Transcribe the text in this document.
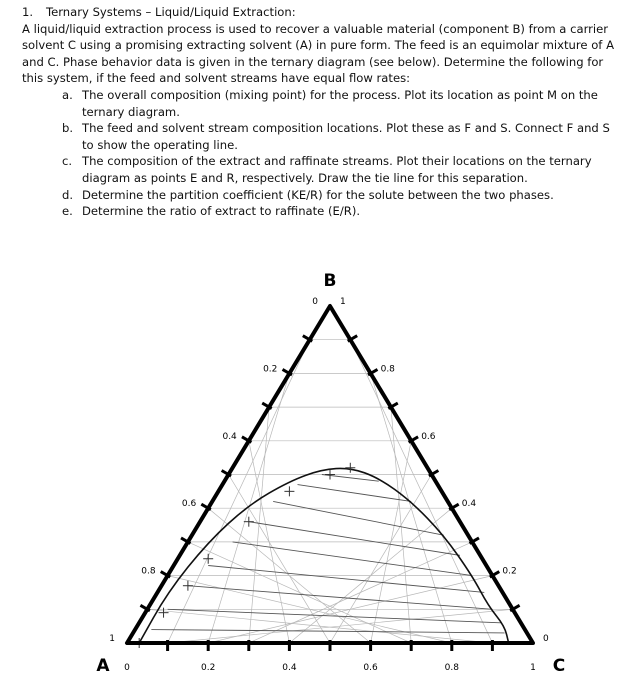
1.	Ternary Systems – Liquid/Liquid Extraction:

A liquid/liquid extraction process is used to recover a valuable material (component B) from a carrier solvent C using a promising extracting solvent (A) in pure form. The feed is an equimolar mixture of A and C. Phase behavior data is given in the ternary diagram (see below). Determine the following for this system, if the feed and solvent streams have equal flow rates:

a. The overall composition (mixing point) for the process. Plot its location as point M on the ternary diagram.
b. The feed and solvent stream composition locations. Plot these as F and S. Connect F and S to show the operating line.
c. The composition of the extract and raffinate streams. Plot their locations on the ternary diagram as points E and R, respectively. Draw the tie line for this separation.
d. Determine the partition coefficient (KE/R) for the solute between the two phases.
e. Determine the ratio of extract to raffinate (E/R).
0	0.2	0.4	0.6	0.8	1
1
0.8
0.6
0.4
0.2
0 1
0.8
0.6
0.4
0.2
0
A
B
C
